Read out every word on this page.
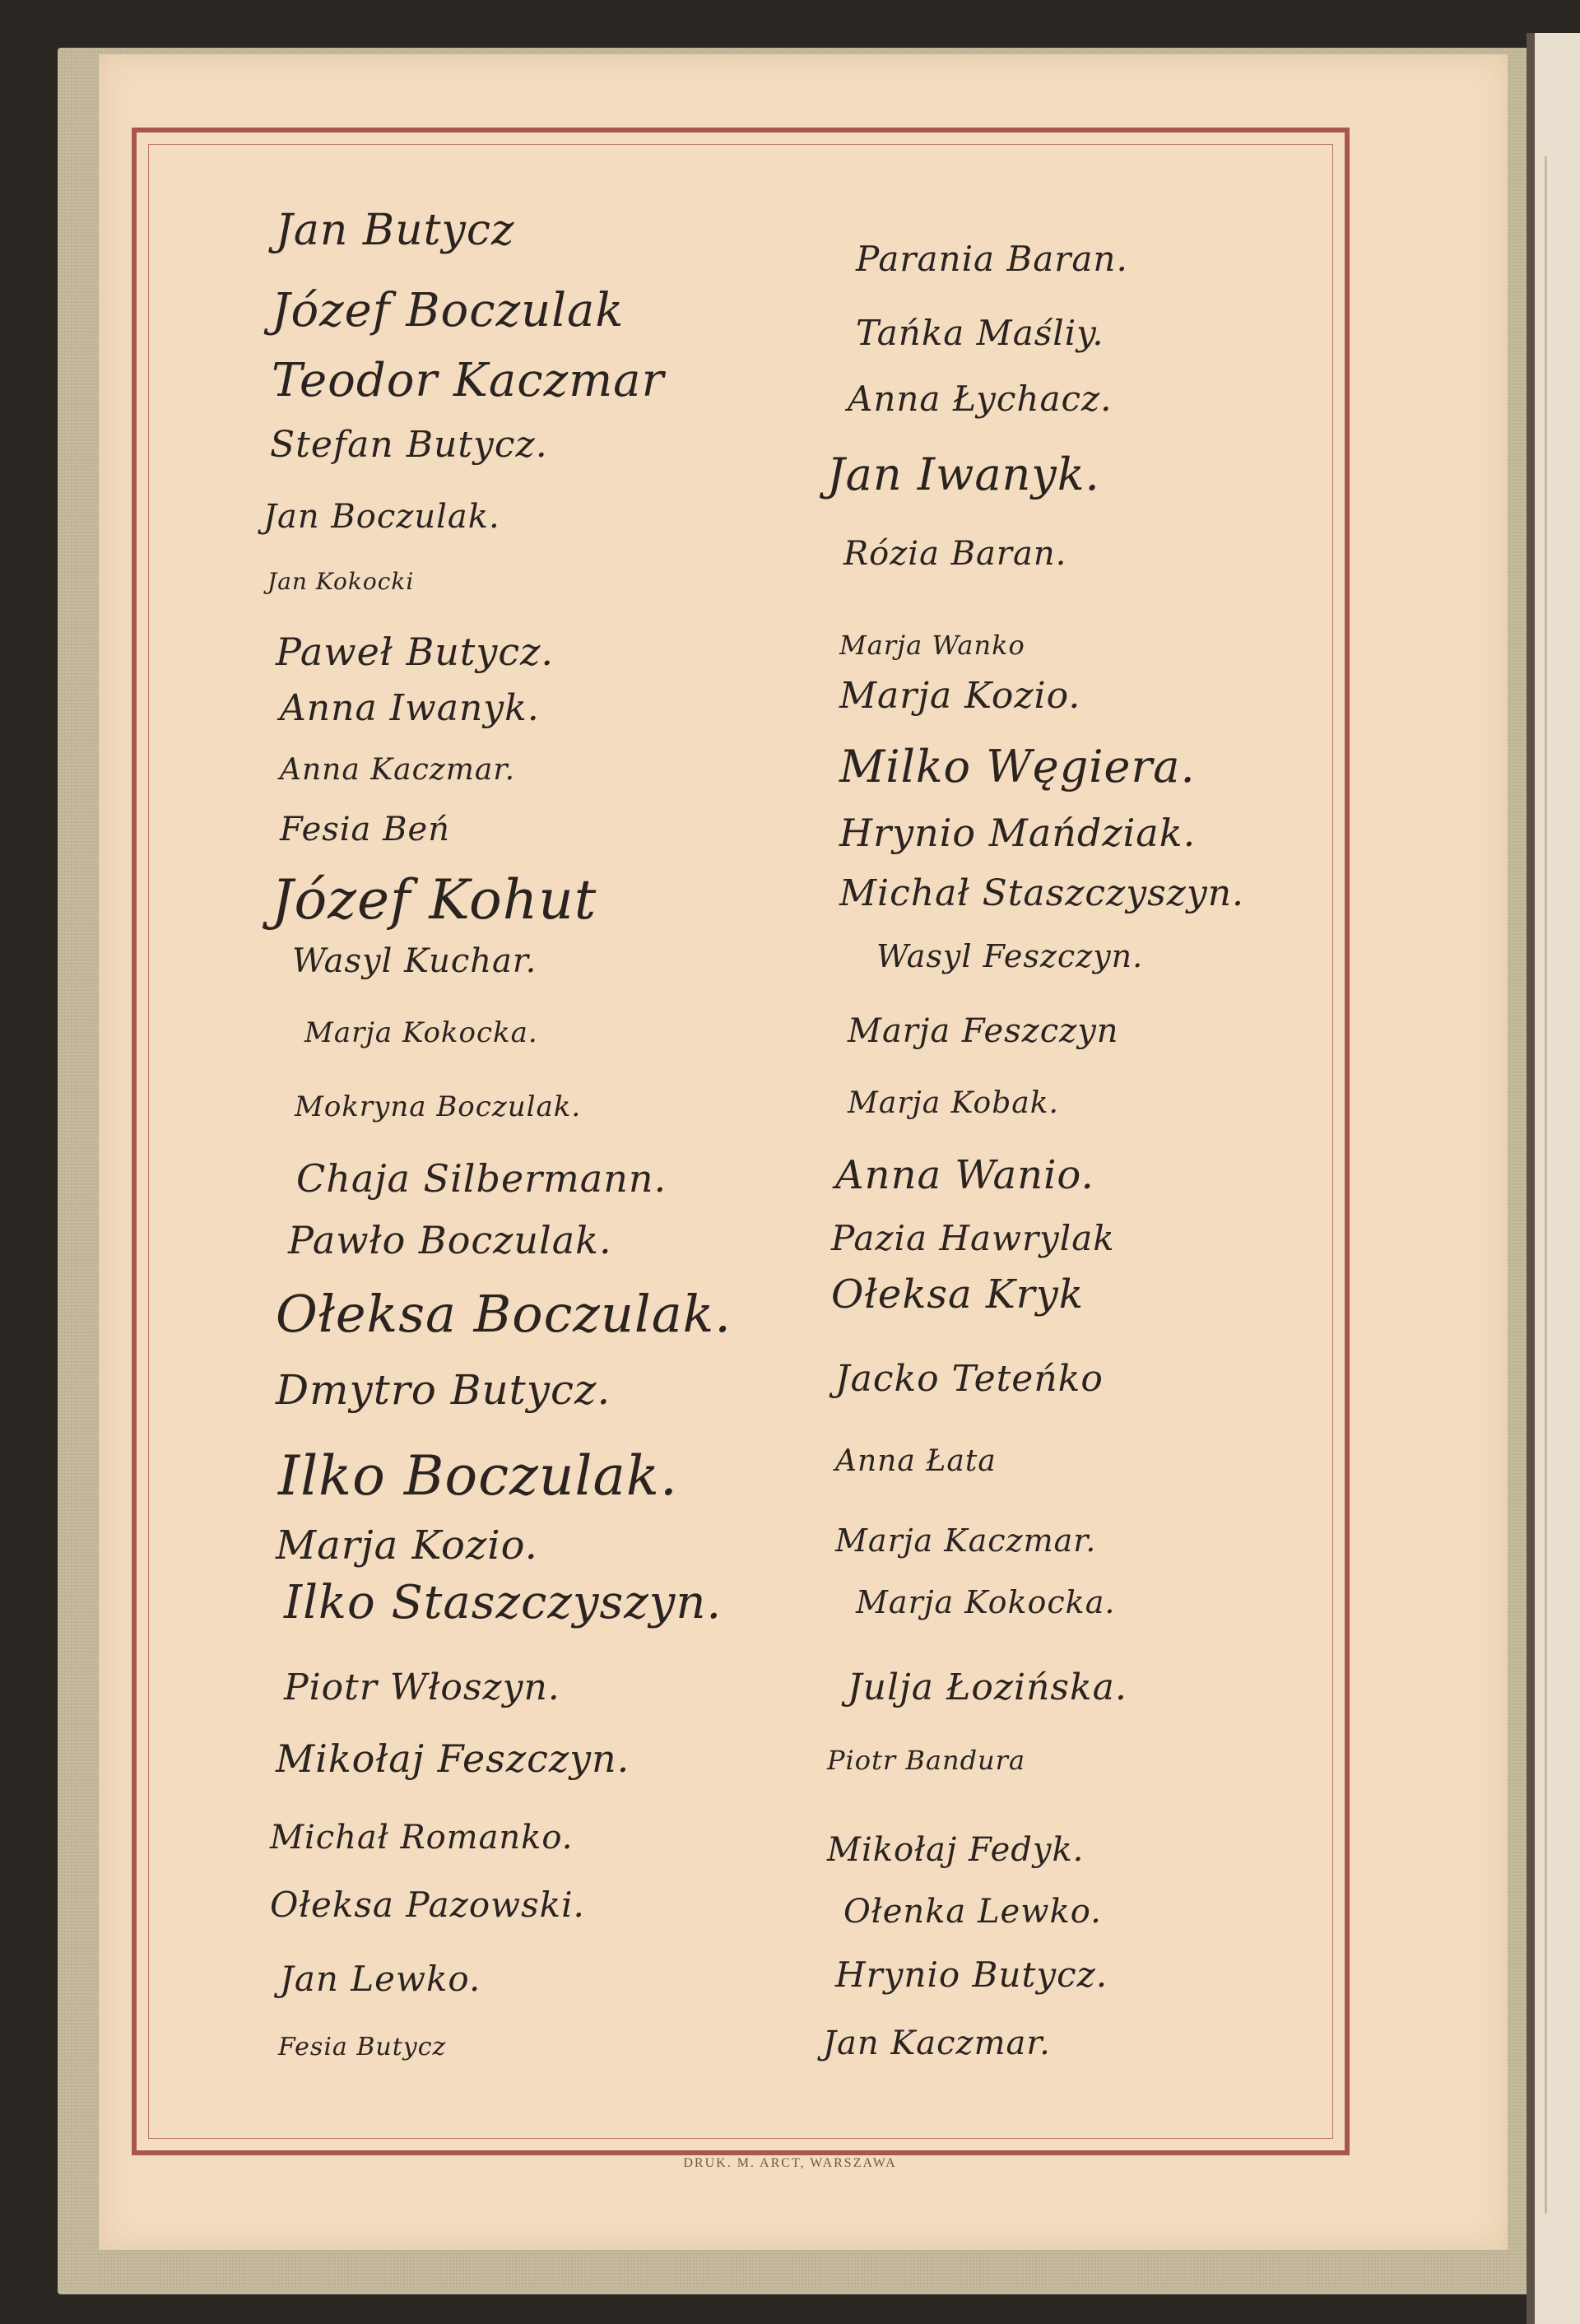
Jan Butycz
Józef Boczulak
Teodor Kaczmar
Stefan Butycz.
Jan Boczulak.
Jan Kokocki
Paweł Butycz.
Anna Iwanyk.
Anna Kaczmar.
Fesia Beń
Józef Kohut
Wasyl Kuchar.
Marja Kokocka.
Mokryna Boczulak.
Chaja Silbermann.
Pawło Boczulak.
Ołeksa Boczulak.
Dmytro Butycz.
Ilko Boczulak.
Marja Kozio.
Ilko Staszczyszyn.
Piotr Włoszyn.
Mikołaj Feszczyn.
Michał Romanko.
Ołeksa Pazowski.
Jan Lewko.
Fesia Butycz
Parania Baran.
Tańka Maśliy.
Anna Łychacz.
Jan Iwanyk.
Rózia Baran.
Marja Wanko
Marja Kozio.
Milko Węgiera.
Hrynio Mańdziak.
Michał Staszczyszyn.
Wasyl Feszczyn.
Marja Feszczyn
Marja Kobak.
Anna Wanio.
Pazia Hawrylak
Ołeksa Kryk
Jacko Teteńko
Anna Łata
Marja Kaczmar.
Marja Kokocka.
Julja Łozińska.
Piotr Bandura
Mikołaj Fedyk.
Ołenka Lewko.
Hrynio Butycz.
Jan Kaczmar.
DRUK. M. ARCT, WARSZAWA
